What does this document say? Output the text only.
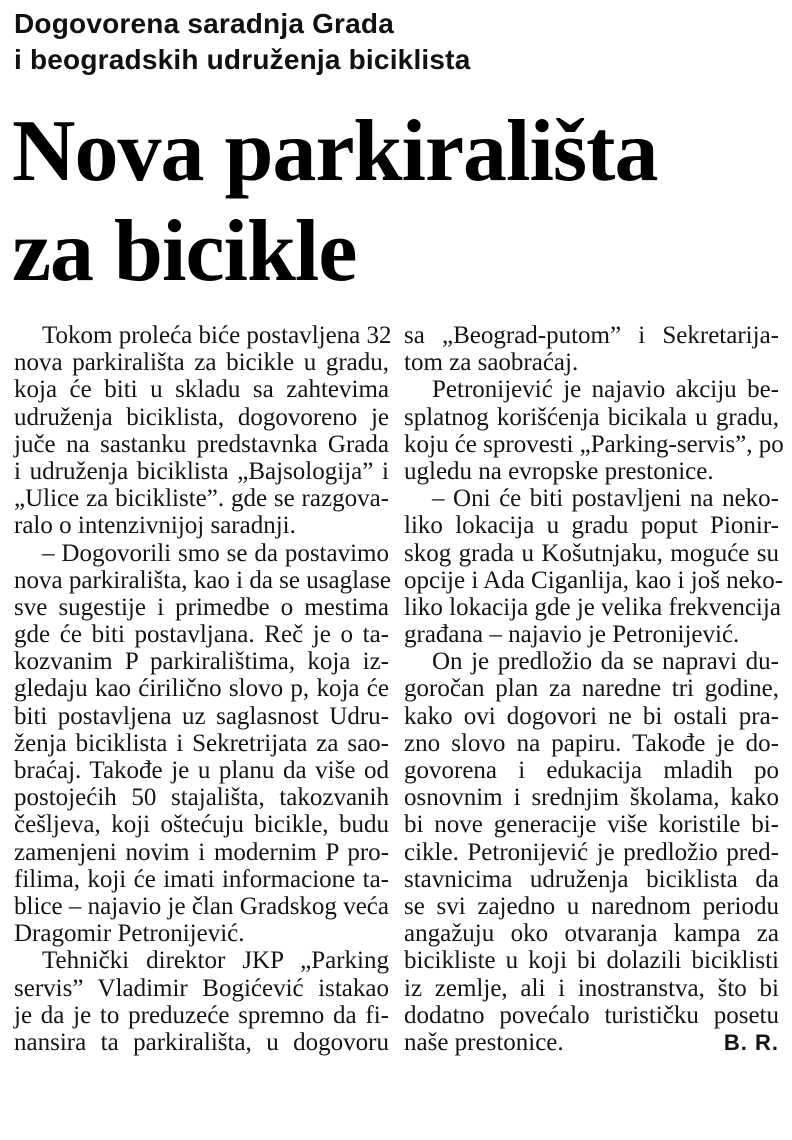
Dogovorena saradnja Grada
i beogradskih udruženja biciklista
Nova parkirališta
za bicikle
Tokom proleća biće postavljena 32
nova parkirališta za bicikle u gradu,
koja će biti u skladu sa zahtevima
udruženja biciklista, dogovoreno je
juče na sastanku predstavnka Grada
i udruženja biciklista „Bajsologija” i
„Ulice za bicikliste”. gde se razgova-
ralo o intenzivnijoj saradnji.
– Dogovorili smo se da postavimo
nova parkirališta, kao i da se usaglase
sve sugestije i primedbe o mestima
gde će biti postavljana. Reč je o ta-
kozvanim P parkiralištima, koja iz-
gledaju kao ćirilično slovo p, koja će
biti postavljena uz saglasnost Udru-
ženja biciklista i Sekretrijata za sao-
braćaj. Takođe je u planu da više od
postojećih 50 stajališta, takozvanih
češljeva, koji oštećuju bicikle, budu
zamenjeni novim i modernim P pro-
filima, koji će imati informacione ta-
blice – najavio je član Gradskog veća
Dragomir Petronijević.
Tehnički direktor JKP „Parking
servis” Vladimir Bogićević istakao
je da je to preduzeće spremno da fi-
nansira ta parkirališta, u dogovoru
sa „Beograd-putom” i Sekretarija-
tom za saobraćaj.
Petronijević je najavio akciju be-
splatnog korišćenja bicikala u gradu,
koju će sprovesti „Parking-servis”, po
ugledu na evropske prestonice.
– Oni će biti postavljeni na neko-
liko lokacija u gradu poput Pionir-
skog grada u Košutnjaku, moguće su
opcije i Ada Ciganlija, kao i još neko-
liko lokacija gde je velika frekvencija
građana – najavio je Petronijević.
On je predložio da se napravi du-
goročan plan za naredne tri godine,
kako ovi dogovori ne bi ostali pra-
zno slovo na papiru. Takođe je do-
govorena i edukacija mladih po
osnovnim i srednjim školama, kako
bi nove generacije više koristile bi-
cikle. Petronijević je predložio pred-
stavnicima udruženja biciklista da
se svi zajedno u narednom periodu
angažuju oko otvaranja kampa za
bicikliste u koji bi dolazili biciklisti
iz zemlje, ali i inostranstva, što bi
dodatno povećalo turističku posetu
naše prestonice.	B. R.
